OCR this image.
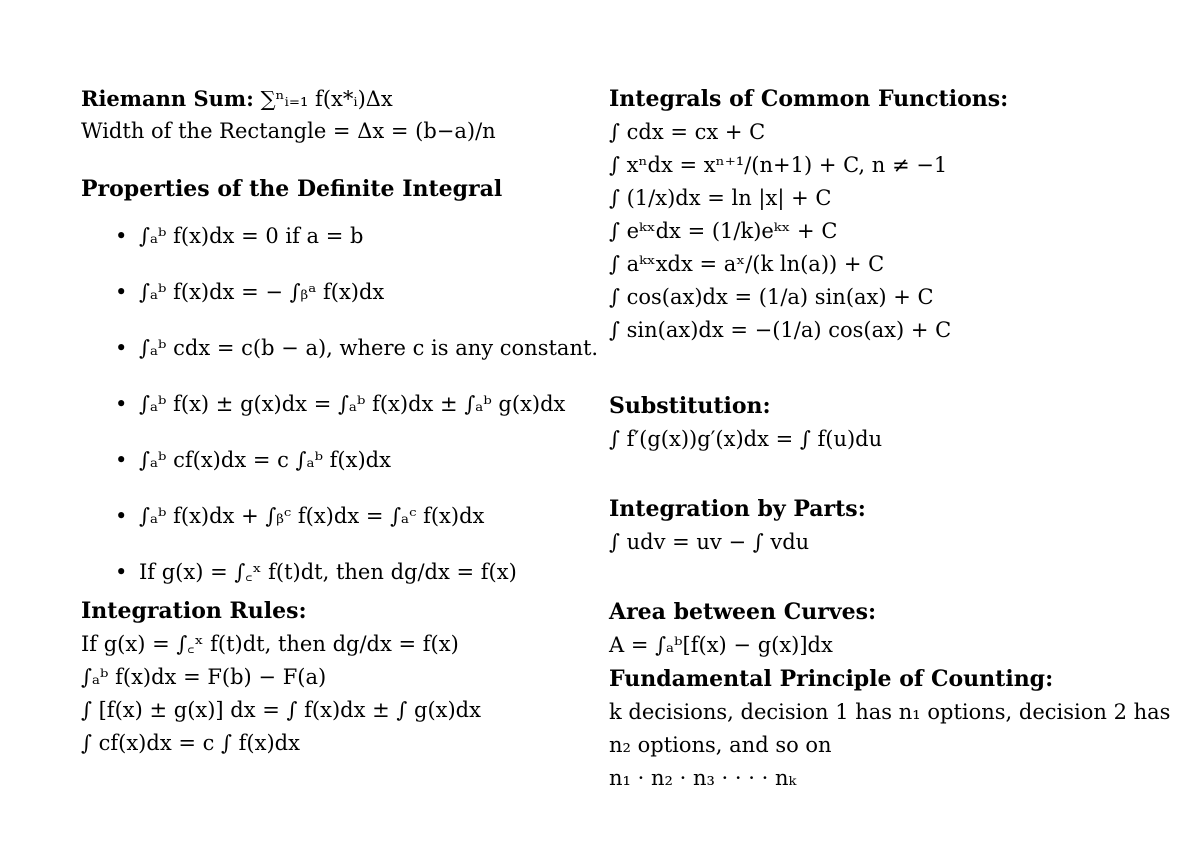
Riemann Sum: ∑ⁿᵢ₌₁ f(x*ᵢ)Δx
Width of the Rectangle = Δx = (b−a)/n
Properties of the Definite Integral
• ∫ₐᵇ f(x)dx = 0 if a = b
• ∫ₐᵇ f(x)dx = − ∫ᵦᵃ f(x)dx
• ∫ₐᵇ cdx = c(b − a), where c is any constant.
• ∫ₐᵇ f(x) ± g(x)dx = ∫ₐᵇ f(x)dx ± ∫ₐᵇ g(x)dx
• ∫ₐᵇ cf(x)dx = c ∫ₐᵇ f(x)dx
• ∫ₐᵇ f(x)dx + ∫ᵦᶜ f(x)dx = ∫ₐᶜ f(x)dx
• If g(x) = ∫꜀ˣ f(t)dt, then dg/dx = f(x)
Integration Rules:
If g(x) = ∫꜀ˣ f(t)dt, then dg/dx = f(x)
∫ₐᵇ f(x)dx = F(b) − F(a)
∫ [f(x) ± g(x)] dx = ∫ f(x)dx ± ∫ g(x)dx
∫ cf(x)dx = c ∫ f(x)dx
Integrals of Common Functions:
∫ cdx = cx + C
∫ xⁿdx = xⁿ⁺¹/(n+1) + C, n ≠ −1
∫ (1/x)dx = ln |x| + C
∫ eᵏˣdx = (1/k)eᵏˣ + C
∫ aᵏˣxdx = aˣ/(k ln(a)) + C
∫ cos(ax)dx = (1/a) sin(ax) + C
∫ sin(ax)dx = −(1/a) cos(ax) + C
Substitution:
∫ f′(g(x))g′(x)dx = ∫ f(u)du
Integration by Parts:
∫ udv = uv − ∫ vdu
Area between Curves:
A = ∫ₐᵇ[f(x) − g(x)]dx
Fundamental Principle of Counting:
k decisions, decision 1 has n₁ options, decision 2 has
n₂ options, and so on
n₁ · n₂ · n₃ · · · · nₖ
